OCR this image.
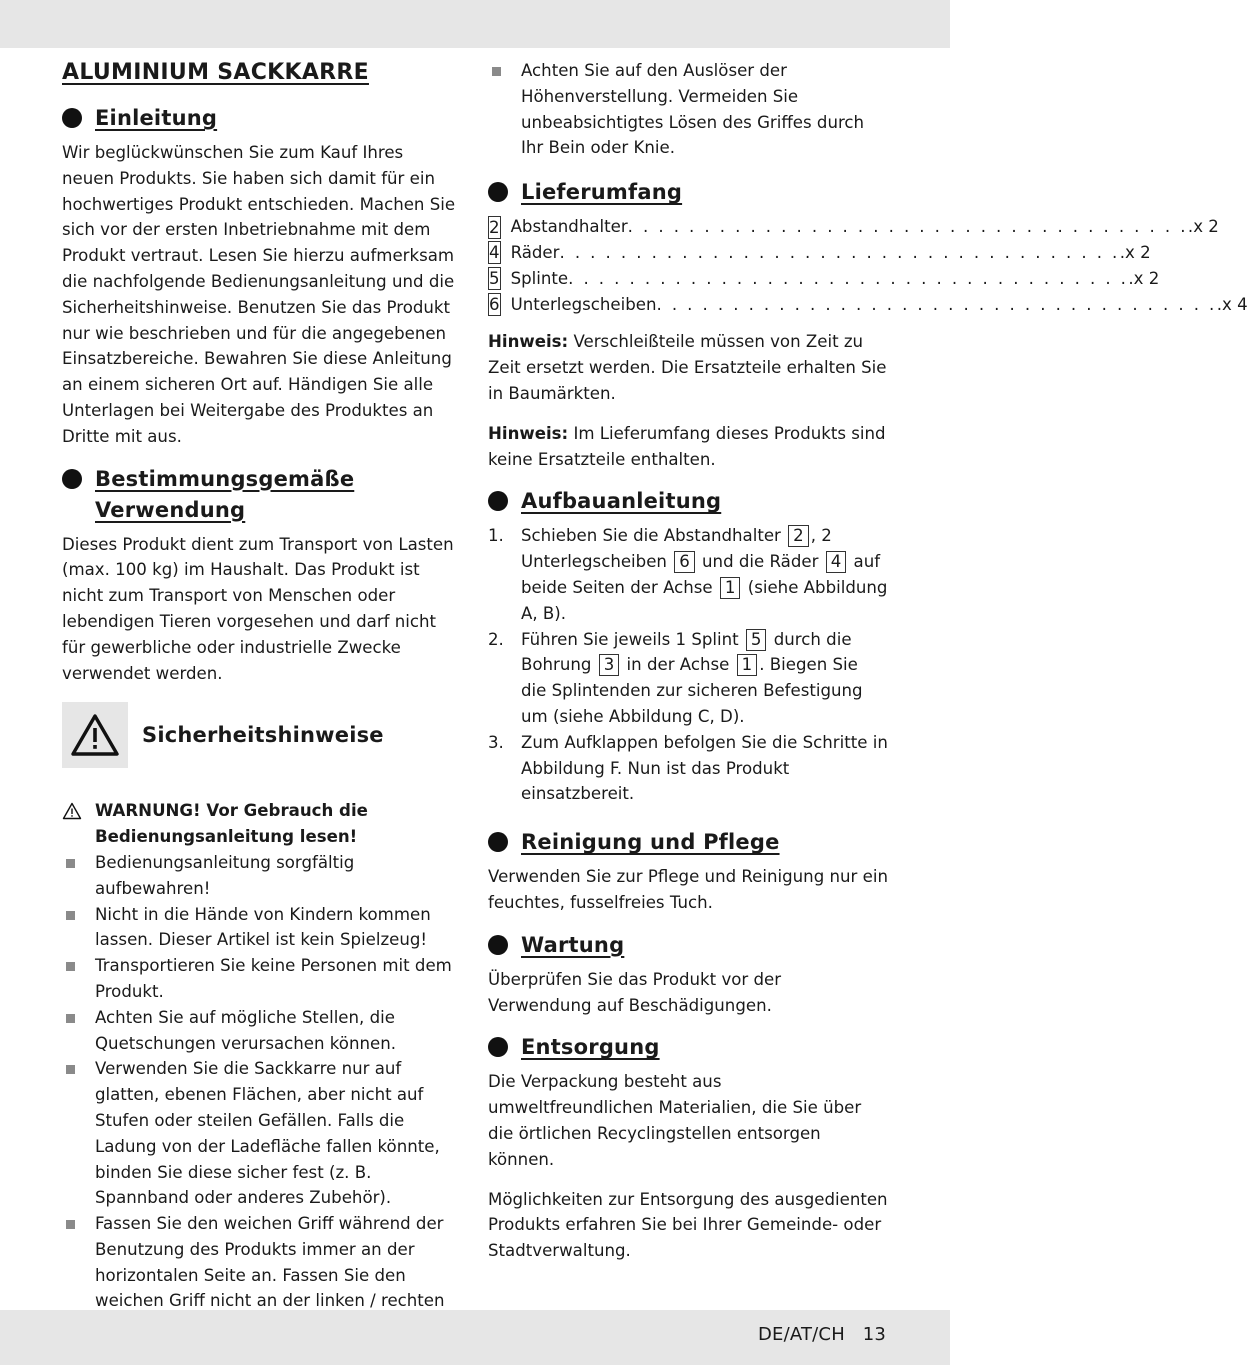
ALUMINIUM SACKKARRE
Einleitung

Wir beglückwünschen Sie zum Kauf Ihres neuen Produkts. Sie haben sich damit für ein hochwertiges Produkt entschieden. Machen Sie sich vor der ersten Inbetriebnahme mit dem Produkt vertraut. Lesen Sie hierzu aufmerksam die nachfolgende Bedienungsanleitung und die Sicherheitshinweise. Benutzen Sie das Produkt nur wie beschrieben und für die angegebenen Einsatzbereiche. Bewahren Sie diese Anleitung an einem sicheren Ort auf. Händigen Sie alle Unterlagen bei Weitergabe des Produktes an Dritte mit aus.

Bestimmungsgemäße
Verwendung

Dieses Produkt dient zum Transport von Lasten (max. 100 kg) im Haushalt. Das Produkt ist nicht zum Transport von Menschen oder lebendigen Tieren vorgesehen und darf nicht für gewerbliche oder industrielle Zwecke verwendet werden.

Sicherheitshinweise
WARNUNG! Vor Gebrauch die Bedienungsanleitung lesen!
Bedienungsanleitung sorgfältig aufbewahren!
Nicht in die Hände von Kindern kommen lassen. Dieser Artikel ist kein Spielzeug!
Transportieren Sie keine Personen mit dem Produkt.
Achten Sie auf mögliche Stellen, die Quetschungen verursachen können.
Verwenden Sie die Sackkarre nur auf glatten, ebenen Flächen, aber nicht auf Stufen oder steilen Gefällen. Falls die Ladung von der Ladefläche fallen könnte, binden Sie diese sicher fest (z. B. Spannband oder anderes Zubehör).
Fassen Sie den weichen Griff während der Benutzung des Produkts immer an der horizontalen Seite an. Fassen Sie den weichen Griff nicht an der linken / rechten
Achten Sie auf den Auslöser der Höhenverstellung. Vermeiden Sie unbeabsichtigtes Lösen des Griffes durch Ihr Bein oder Knie.
Lieferumfang
2 Abstandhalter . . . . . . . . . . . . . . . . . . . . . . . . . . . . . . . . . . . . . .x 2
4 Räder . . . . . . . . . . . . . . . . . . . . . . . . . . . . . . . . . . . . . .x 2
5 Splinte . . . . . . . . . . . . . . . . . . . . . . . . . . . . . . . . . . . . . .x 2
6 Unterlegscheiben . . . . . . . . . . . . . . . . . . . . . . . . . . . . . . . . . . . . . .x 4

Hinweis: Verschleißteile müssen von Zeit zu Zeit ersetzt werden. Die Ersatzteile erhalten Sie in Baumärkten.

Hinweis: Im Lieferumfang dieses Produkts sind keine Ersatzteile enthalten.

Aufbauanleitung
1.	Schieben Sie die Abstandhalter 2 , 2 Unterlegscheiben 6 und die Räder 4 auf beide Seiten der Achse 1 (siehe Abbildung A, B).
2.	Führen Sie jeweils 1 Splint 5 durch die Bohrung 3 in der Achse 1 . Biegen Sie die Splintenden zur sicheren Befestigung um (siehe Abbildung C, D).
3.	Zum Aufklappen befolgen Sie die Schritte in Abbildung F. Nun ist das Produkt einsatzbereit.
Reinigung und Pflege

Verwenden Sie zur Pflege und Reinigung nur ein feuchtes, fusselfreies Tuch.

Wartung

Überprüfen Sie das Produkt vor der Verwendung auf Beschädigungen.

Entsorgung

Die Verpackung besteht aus umweltfreundlichen Materialien, die Sie über die örtlichen Recyclingstellen entsorgen können.

Möglichkeiten zur Entsorgung des ausgedienten Produkts erfahren Sie bei Ihrer Gemeinde- oder Stadtverwaltung.

DE/AT/CH   13
